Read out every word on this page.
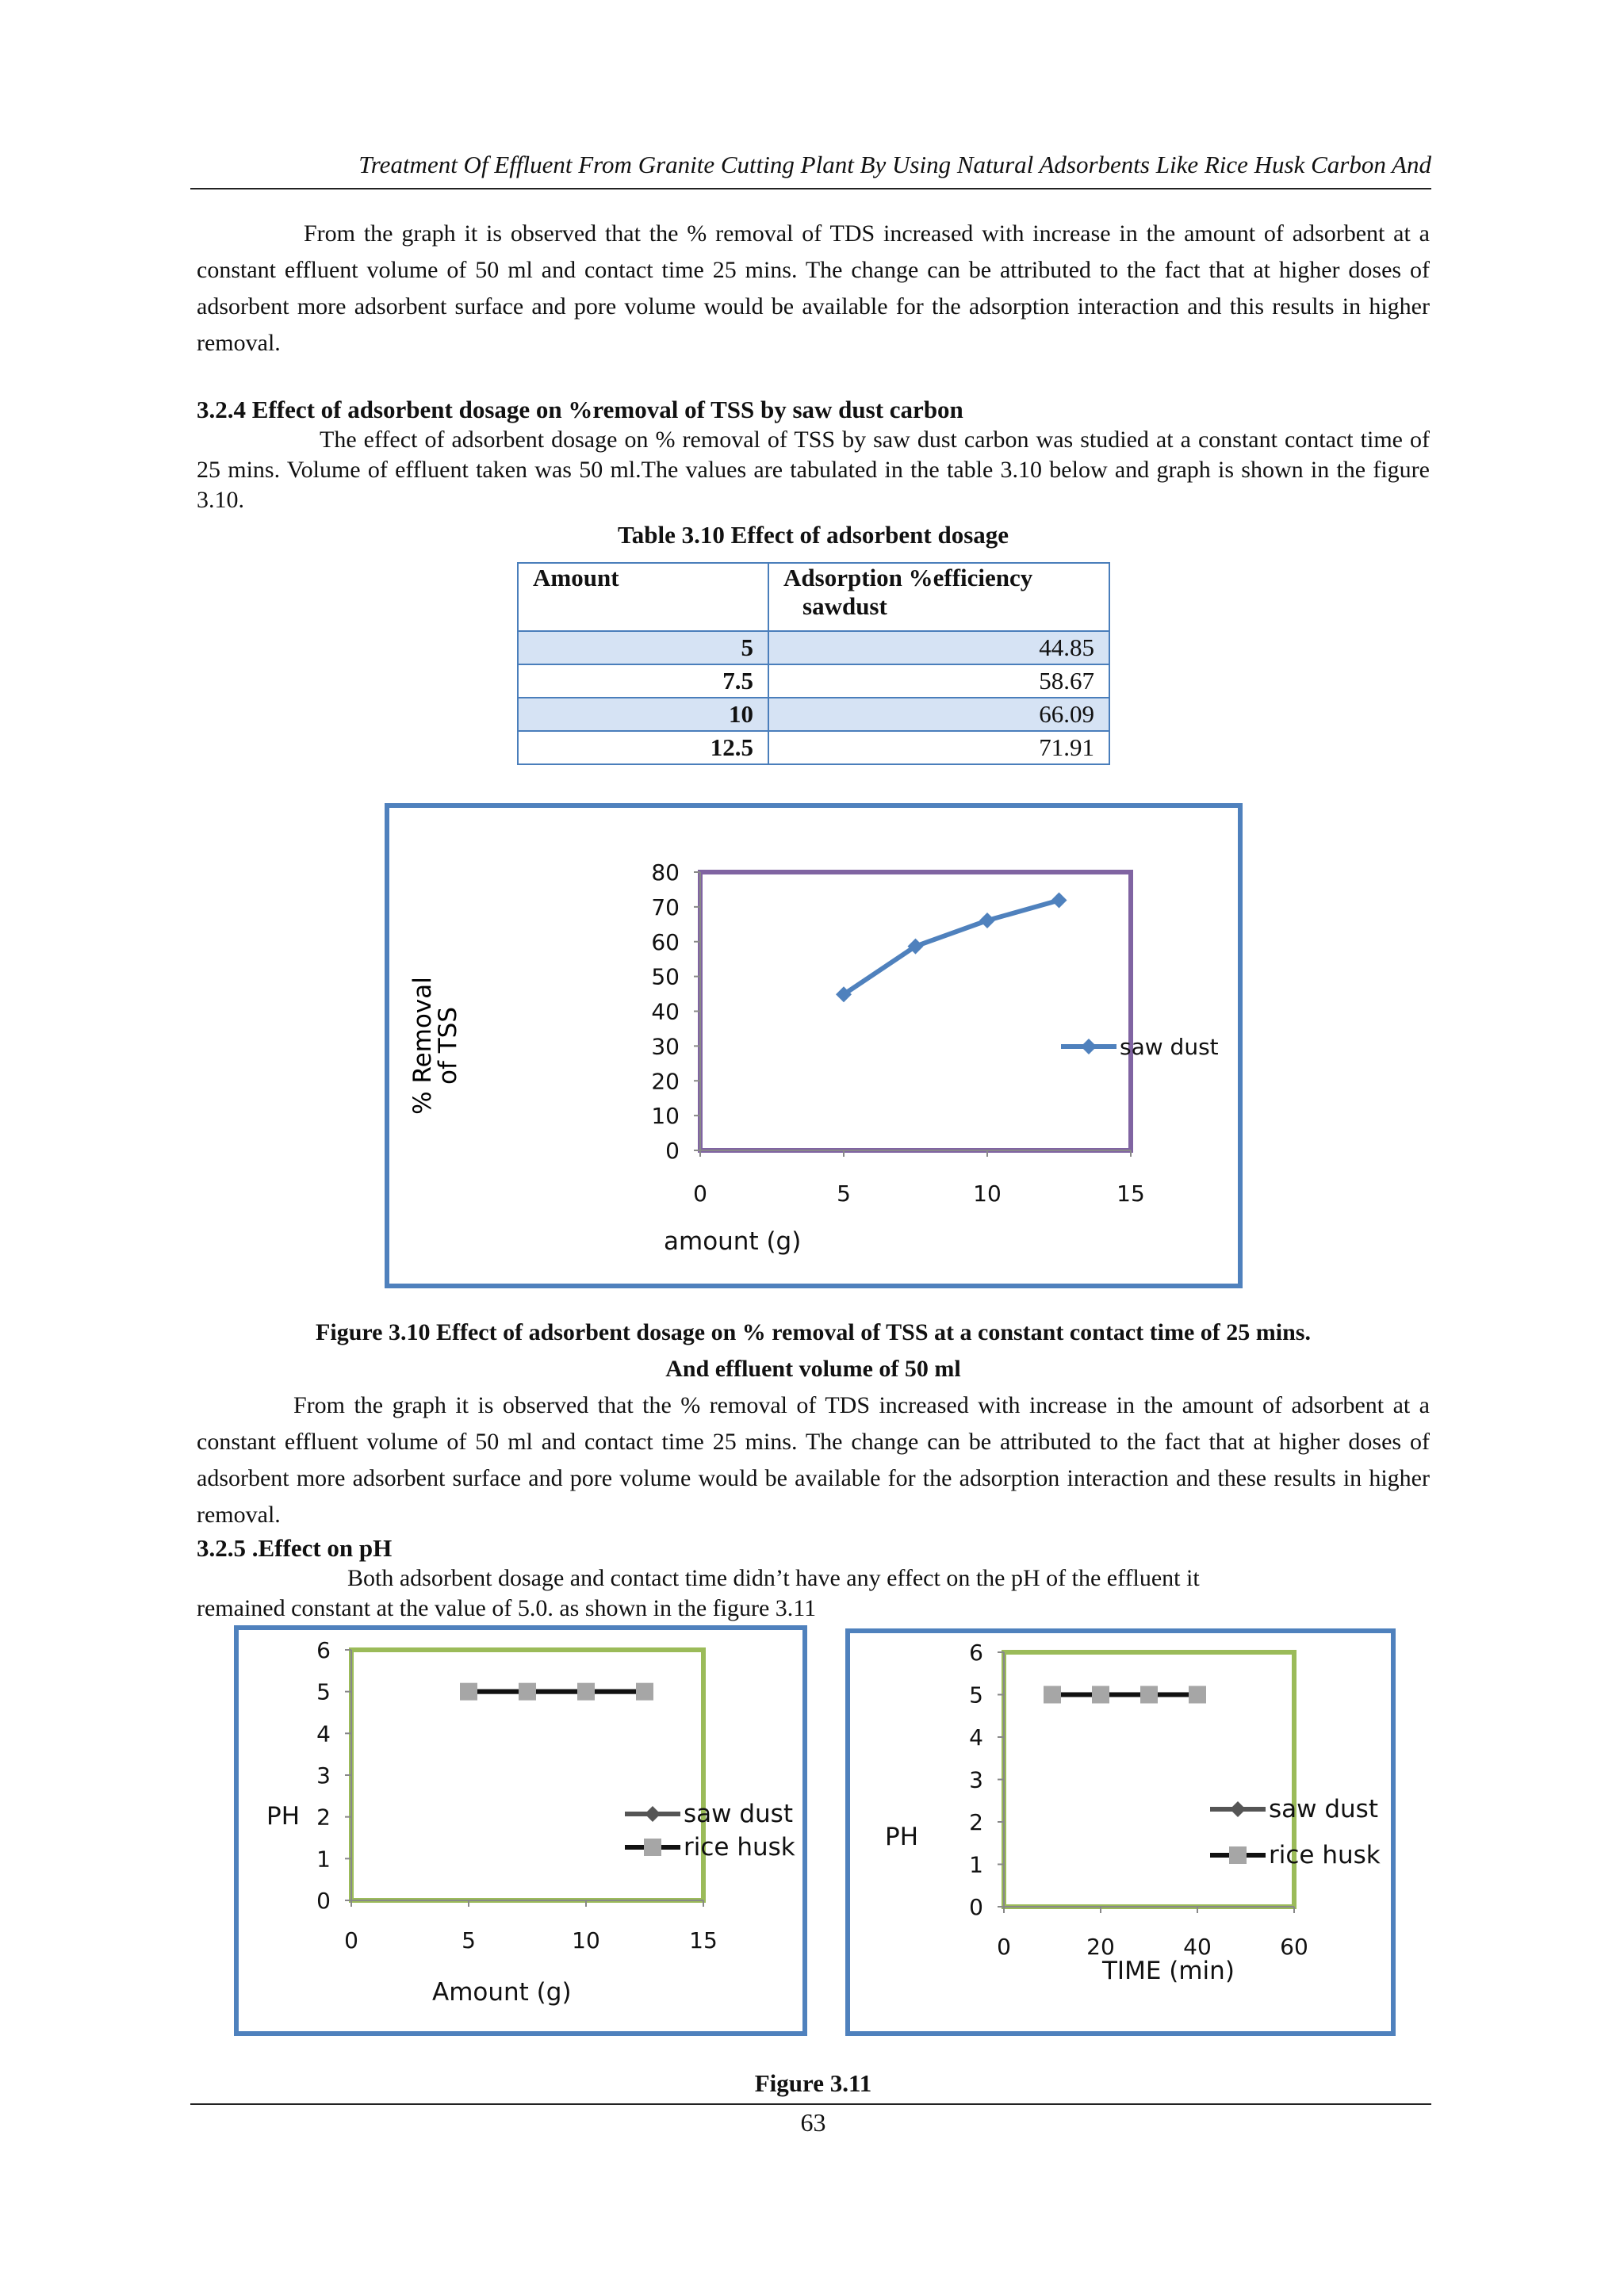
Treatment Of Effluent From Granite Cutting Plant By Using Natural Adsorbents Like Rice Husk Carbon And
From the graph it is observed that the % removal of TDS increased with increase in the amount of adsorbent at a constant effluent volume of 50 ml and contact time 25 mins. The change can be attributed to the fact that at higher doses of adsorbent more adsorbent surface and pore volume would be available for the adsorption interaction and this results in higher removal.
3.2.4 Effect of adsorbent dosage on %removal of TSS by saw dust carbon
The effect of adsorbent dosage on % removal of TSS by saw dust carbon was studied at a constant contact time of 25 mins. Volume of effluent taken was 50 ml.The values are tabulated in the table 3.10 below and graph is shown in the figure 3.10.
Table 3.10 Effect of adsorbent dosage
Amount	Adsorption %efficiency
sawdust

5	44.85
7.5	58.67
10	66.09
12.5	71.91
0
10
20
30
40
50
60
70
80
0	5	10	15
saw dust
amount (g)
% Removal
of TSS
Figure 3.10 Effect of adsorbent dosage on % removal of TSS at a constant contact time of 25 mins.
And effluent volume of 50 ml
From the graph it is observed that the % removal of TDS increased with increase in the amount of adsorbent at a constant effluent volume of 50 ml and contact time 25 mins. The change can be attributed to the fact that at higher doses of adsorbent more adsorbent surface and pore volume would be available for the adsorption interaction and these results in higher removal.
3.2.5 .Effect on pH
Both adsorbent dosage and contact time didn’t have any effect on the pH of the effluent it
remained constant at the value of 5.0. as shown in the figure 3.11
0
1
2
3
4
5
6
0	5	10	15
saw dust
rice husk
Amount (g)
PH
0
1
2
3
4
5
6
0	20	40	60
saw dust
rice husk
TIME (min)
PH
Figure 3.11
63
